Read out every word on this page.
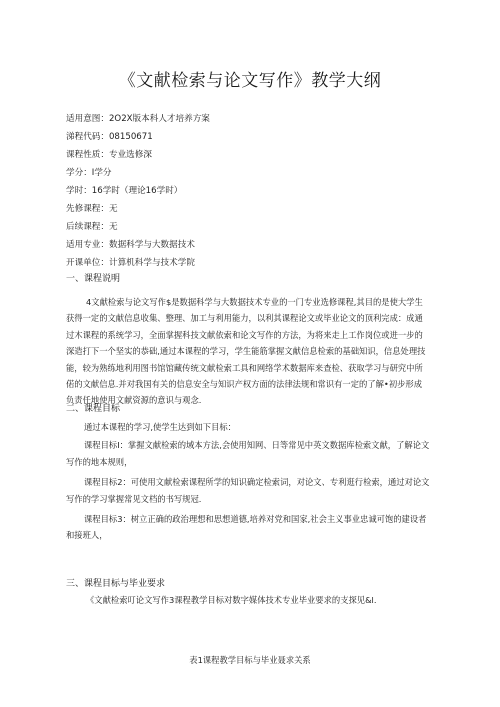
《文献检索与论文写作》教学大纲
适用意图：2O2X版本科人才培养方案
涕程代码：08150671
课程性质：专业选修深
学分：I学分
学时：16学时（理论16学时）
先修课程：无
后续课程：无
适用专业：数据科学与大数据技术
开课单位：计算机科学与技术学院
一、课程说明
4文献检索与论文写作$是数据科学与大数据技术专业的一门专业选修课程,其目的是使大学生
获得一定的文献信息收集、整理、加工与利用能力，以利其课程论文或毕业论文的顶利完成：成通
过木课程的系统学习，全面掌握科技文献依索和论文写作的方法，为将来走上工作岗位或进一步的
深造打下一个坚实的恭础,通过本课程的学习，学生能筋掌握文献信息检索的基础知识，信息处理技
能，较为熟练地利用图书馆馆藏传统文献检索工具和网络学术数据库来查检、获取学习与研究中所
偌的文献信息.并对我国有关的信息安全与知识产权方面的法律法规和常识有一定的了解•初步形成
负责任地使用文献资源的意识与观念.
二、课程目标
通过本课程的学习,使学生达到如下目标：
课程目标I：掌握文献检索的域本方法,会使用知网、日等常见中英文数据库检索文献，了解论文
写作的地本规则，
课程目标2：可使用文献检索课程所学的知识确定检索词，对论文、专利逛行检索，通过对论文
写作的学习掌握常见文档的书写规冠.
课程目标3：树立正确的政治理想和思想道德,培养对党和国家,社会主义事业忠诚可饱的建设者
和接班人，
三、课程目标与毕业要求
《文献检索叮论文写作3课程教学目标对数字媒体技术专业毕业要求的支探见&l.
表1课程教学目标与毕业聂求关系
